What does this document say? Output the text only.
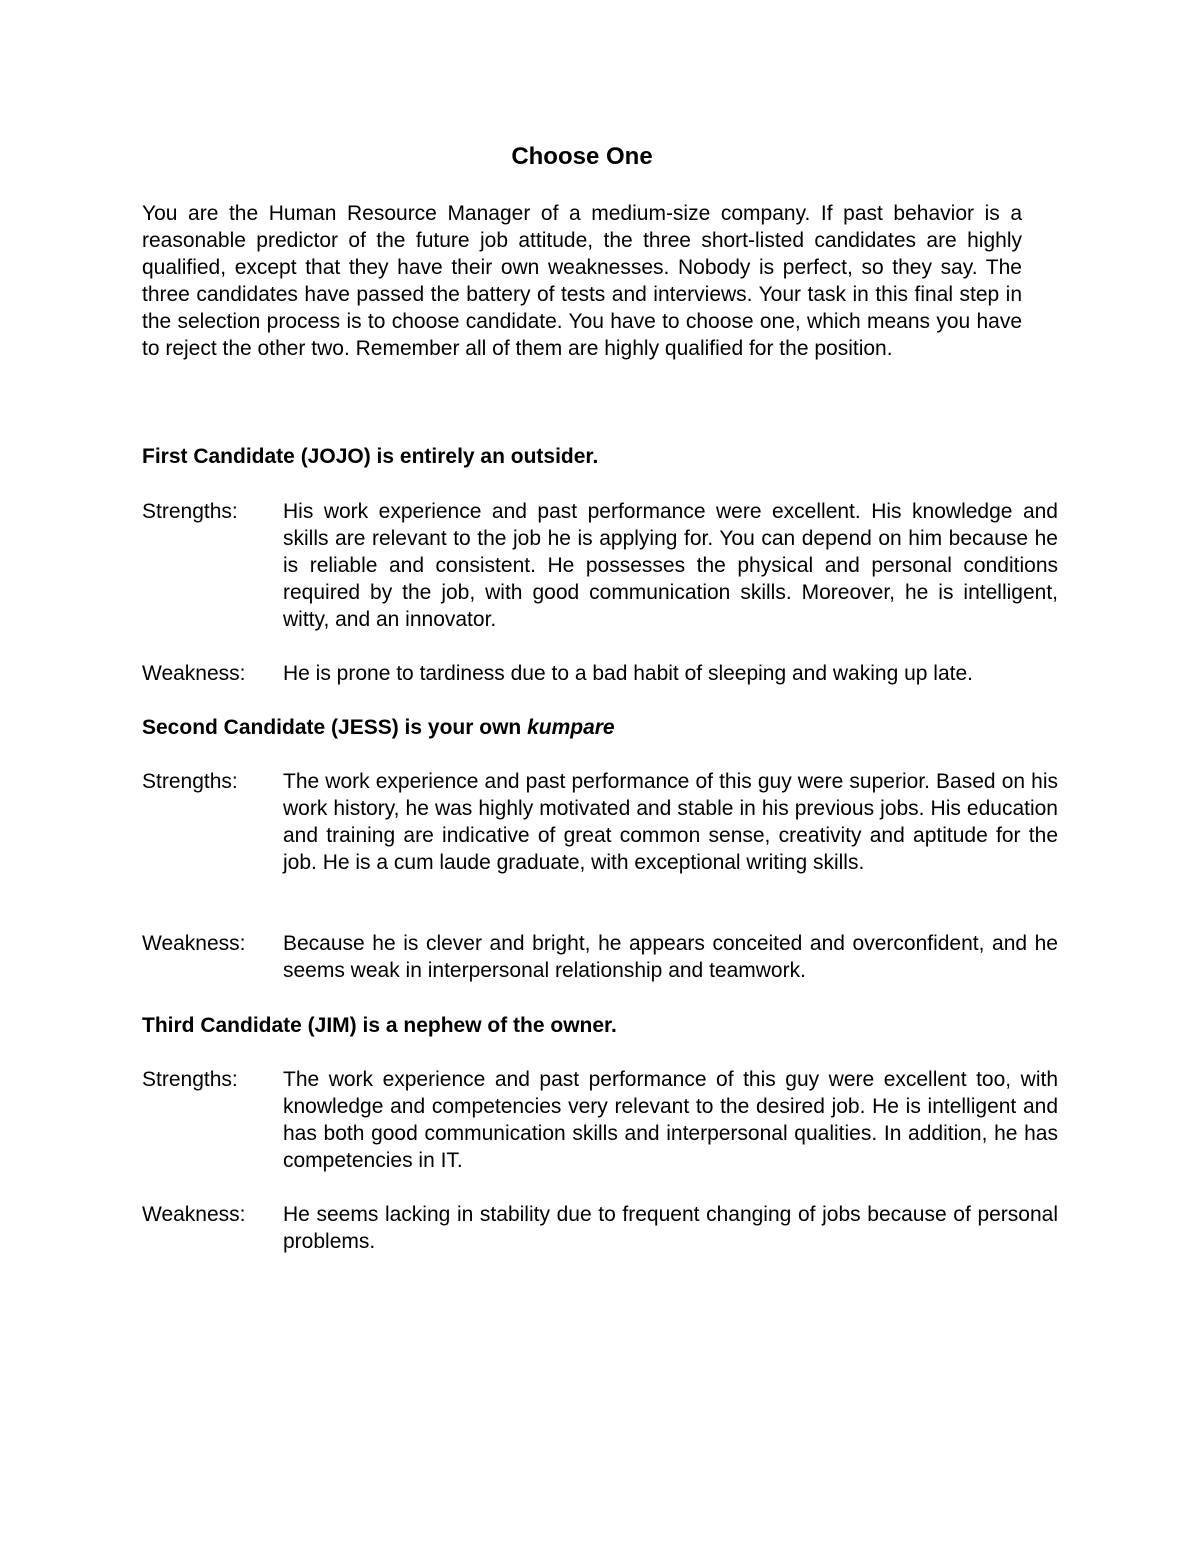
Choose One
You are the Human Resource Manager of a medium-size company. If past behavior is a reasonable predictor of the future job attitude, the three short-listed candidates are highly qualified, except that they have their own weaknesses. Nobody is perfect, so they say. The three candidates have passed the battery of tests and interviews. Your task in this final step in the selection process is to choose candidate. You have to choose one, which means you have to reject the other two. Remember all of them are highly qualified for the position.
First Candidate (JOJO) is entirely an outsider.
Strengths:	His work experience and past performance were excellent. His knowledge and skills are relevant to the job he is applying for. You can depend on him because he is reliable and consistent. He possesses the physical and personal conditions required by the job, with good communication skills. Moreover, he is intelligent, witty, and an innovator.
Weakness:	He is prone to tardiness due to a bad habit of sleeping and waking up late.
Second Candidate (JESS) is your own kumpare
Strengths:	The work experience and past performance of this guy were superior. Based on his work history, he was highly motivated and stable in his previous jobs. His education and training are indicative of great common sense, creativity and aptitude for the job. He is a cum laude graduate, with exceptional writing skills.
Weakness:	Because he is clever and bright, he appears conceited and overconfident, and he seems weak in interpersonal relationship and teamwork.
Third Candidate (JIM) is a nephew of the owner.
Strengths:	The work experience and past performance of this guy were excellent too, with knowledge and competencies very relevant to the desired job. He is intelligent and has both good communication skills and interpersonal qualities. In addition, he has competencies in IT.
Weakness:	He seems lacking in stability due to frequent changing of jobs because of personal problems.
